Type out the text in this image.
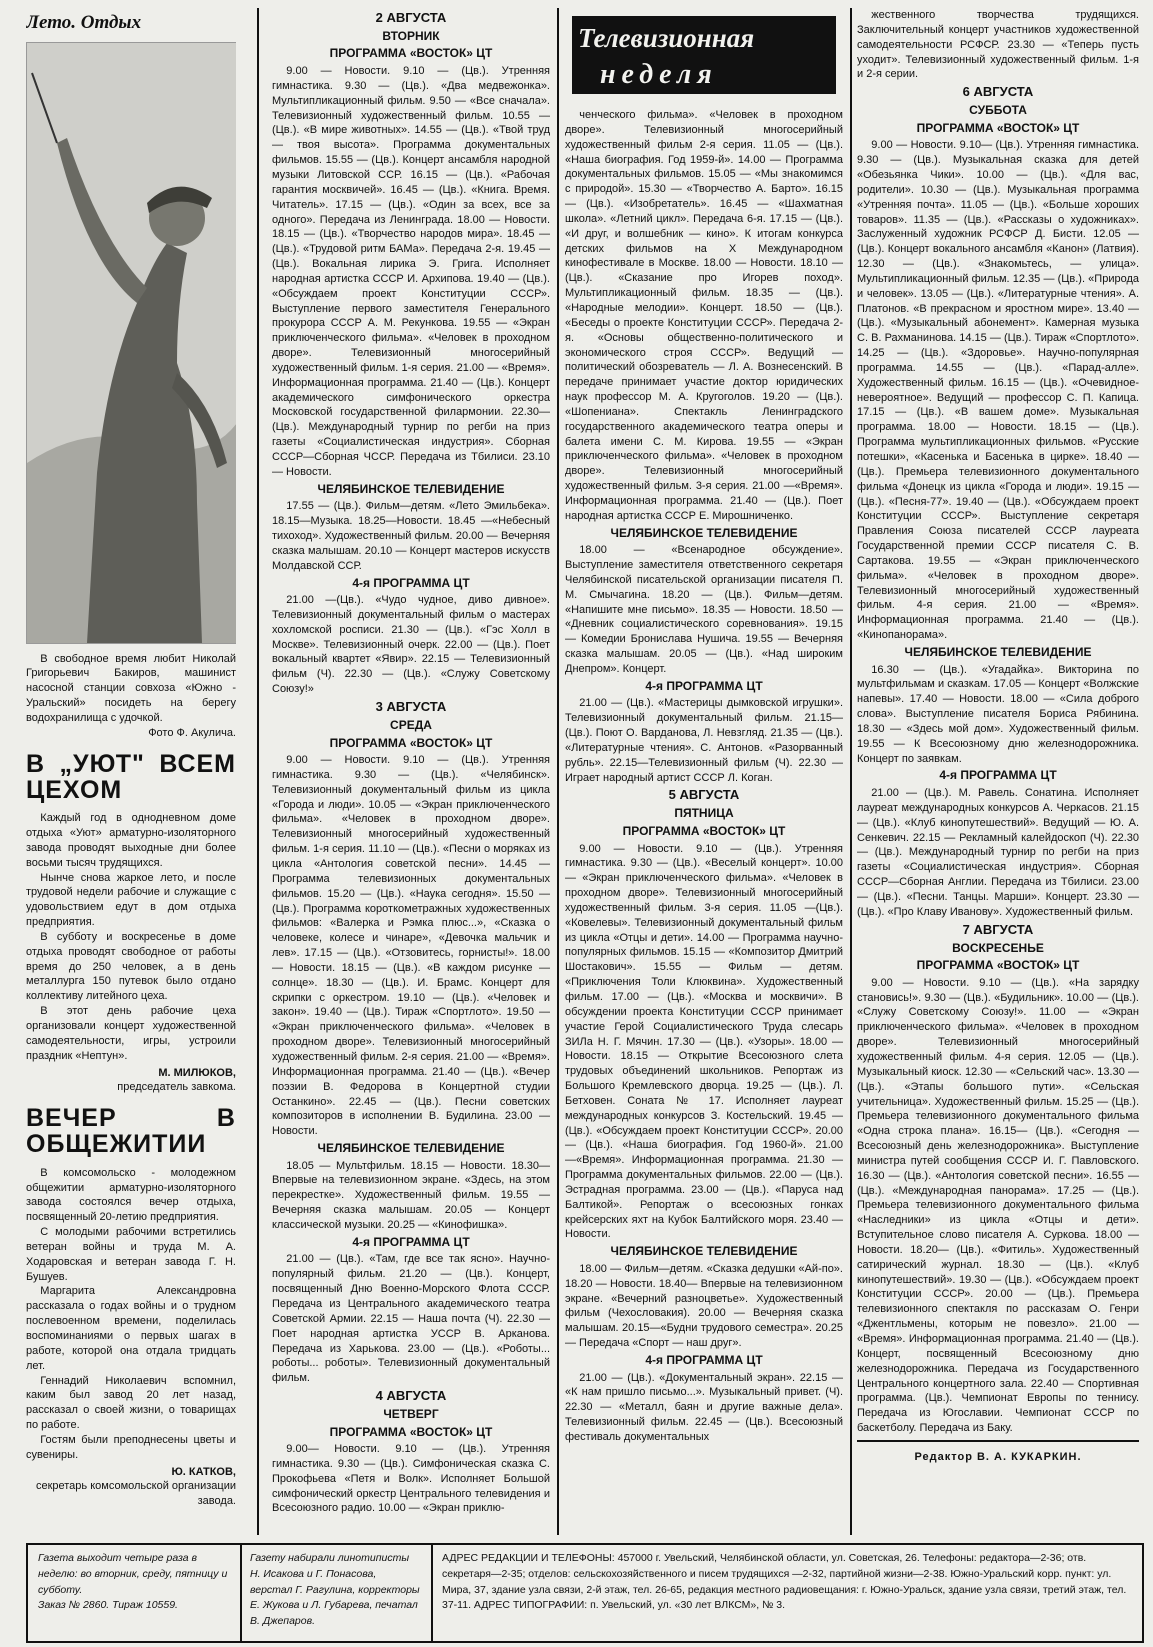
Лето. Отдых

В свободное время любит Николай Григорьевич Бакиров, машинист насосной станции совхоза «Южно - Уральский» посидеть на берегу водохранилища с удочкой.

Фото Ф. Акулича.
В „УЮТ" ВСЕМ ЦЕХОМ

Каждый год в однодневном доме отдыха «Уют» арматурно-изоляторного завода проводят выходные дни более восьми тысяч трудящихся.

Нынче снова жаркое лето, и после трудовой недели рабочие и служащие с удовольствием едут в дом отдыха предприятия.

В субботу и воскресенье в доме отдыха проводят свободное от работы время до 250 человек, а в день металлурга 150 путевок было отдано коллективу литейного цеха.

В этот день рабочие цеха организовали концерт художественной самодеятельности, игры, устроили праздник «Нептун».

М. МИЛЮКОВ,
председатель завкома.
ВЕЧЕР В ОБЩЕЖИТИИ

В комсомольско - молодежном общежитии арматурно-изоляторного завода состоялся вечер отдыха, посвященный 20-летию предприятия.

С молодыми рабочими встретились ветеран войны и труда М. А. Ходаровская и ветеран завода Г. Н. Бушуев.

Маргарита Александровна рассказала о годах войны и о трудном послевоенном времени, поделилась воспоминаниями о первых шагах в работе, которой она отдала тридцать лет.

Геннадий Николаевич вспомнил, каким был завод 20 лет назад, рассказал о своей жизни, о товарищах по работе.

Гостям были преподнесены цветы и сувениры.

Ю. КАТКОВ,
секретарь комсомольской организации завода.
2 АВГУСТА
ВТОРНИК
ПРОГРАММА «ВОСТОК» ЦТ

9.00 — Новости. 9.10 — (Цв.). Утренняя гимнастика. 9.30 — (Цв.). «Два медвежонка». Мультипликационный фильм. 9.50 — «Все сначала». Телевизионный художественный фильм. 10.55 — (Цв.). «В мире животных». 14.55 — (Цв.). «Твой труд — твоя высота». Программа документальных фильмов. 15.55 — (Цв.). Концерт ансамбля народной музыки Литовской ССР. 16.15 — (Цв.). «Рабочая гарантия москвичей». 16.45 — (Цв.). «Книга. Время. Читатель». 17.15 — (Цв.). «Один за всех, все за одного». Передача из Ленинграда. 18.00 — Новости. 18.15 — (Цв.). «Творчество народов мира». 18.45 — (Цв.). «Трудовой ритм БАМа». Передача 2-я. 19.45 — (Цв.). Вокальная лирика Э. Грига. Исполняет народная артистка СССР И. Архипова. 19.40 — (Цв.). «Обсуждаем проект Конституции СССР». Выступление первого заместителя Генерального прокурора СССР А. М. Рекункова. 19.55 — «Экран приключенческого фильма». «Человек в проходном дворе». Телевизионный многосерийный художественный фильм. 1-я серия. 21.00 — «Время». Информационная программа. 21.40 — (Цв.). Концерт академического симфонического оркестра Московской государственной филармонии. 22.30—(Цв.). Международный турнир по регби на приз газеты «Социалистическая индустрия». Сборная СССР—Сборная ЧССР. Передача из Тбилиси. 23.10 — Новости.

ЧЕЛЯБИНСКОЕ ТЕЛЕВИДЕНИЕ

17.55 — (Цв.). Фильм—детям. «Лето Эмильбека». 18.15—Музыка. 18.25—Новости. 18.45 —«Небесный тихоход». Художественный фильм. 20.00 — Вечерняя сказка малышам. 20.10 — Концерт мастеров искусств Молдавской ССР.

4-я ПРОГРАММА ЦТ

21.00 —(Цв.). «Чудо чудное, диво дивное». Телевизионный документальный фильм о мастерах хохломской росписи. 21.30 — (Цв.). «Гэс Холл в Москве». Телевизионный очерк. 22.00 — (Цв.). Поет вокальный квартет «Явир». 22.15 — Телевизионный фильм (Ч). 22.30 — (Цв.). «Служу Советскому Союзу!»

3 АВГУСТА
СРЕДА
ПРОГРАММА «ВОСТОК» ЦТ

9.00 — Новости. 9.10 — (Цв.). Утренняя гимнастика. 9.30 — (Цв.). «Челябинск». Телевизионный документальный фильм из цикла «Города и люди». 10.05 — «Экран приключенческого фильма». «Человек в проходном дворе». Телевизионный многосерийный художественный фильм. 1-я серия. 11.10 — (Цв.). «Песни о моряках из цикла «Антология советской песни». 14.45 — Программа телевизионных документальных фильмов. 15.20 — (Цв.). «Наука сегодня». 15.50 — (Цв.). Программа короткометражных художественных фильмов: «Валерка и Рэмка плюс...», «Сказка о человеке, колесе и чинаре», «Девочка мальчик и лев». 17.15 — (Цв.). «Отзовитесь, горнисты!». 18.00 — Новости. 18.15 — (Цв.). «В каждом рисунке — солнце». 18.30 — (Цв.). И. Брамс. Концерт для скрипки с оркестром. 19.10 — (Цв.). «Человек и закон». 19.40 — (Цв.). Тираж «Спортлото». 19.50 — «Экран приключенческого фильма». «Человек в проходном дворе». Телевизионный многосерийный художественный фильм. 2-я серия. 21.00 — «Время». Информационная программа. 21.40 — (Цв.). «Вечер поэзии В. Федорова в Концертной студии Останкино». 22.45 — (Цв.). Песни советских композиторов в исполнении В. Будилина. 23.00 — Новости.

ЧЕЛЯБИНСКОЕ ТЕЛЕВИДЕНИЕ

18.05 — Мультфильм. 18.15 — Новости. 18.30— Впервые на телевизионном экране. «Здесь, на этом перекрестке». Художественный фильм. 19.55 — Вечерняя сказка малышам. 20.05 — Концерт классической музыки. 20.25 — «Кинофишка».

4-я ПРОГРАММА ЦТ

21.00 — (Цв.). «Там, где все так ясно». Научно-популярный фильм. 21.20 — (Цв.). Концерт, посвященный Дню Военно-Морского Флота СССР. Передача из Центрального академического театра Советской Армии. 22.15 — Наша почта (Ч). 22.30 — Поет народная артистка УССР В. Арканова. Передача из Харькова. 23.00 — (Цв.). «Роботы... роботы... роботы». Телевизионный документальный фильм.

4 АВГУСТА
ЧЕТВЕРГ
ПРОГРАММА «ВОСТОК» ЦТ

9.00— Новости. 9.10 — (Цв.). Утренняя гимнастика. 9.30 — (Цв.). Симфоническая сказка С. Прокофьева «Петя и Волк». Исполняет Большой симфонический оркестр Центрального телевидения и Всесоюзного радио. 10.00 — «Экран приклю-

Телевизионная
неделя

ченческого фильма». «Человек в проходном дворе». Телевизионный многосерийный художественный фильм 2-я серия. 11.05 — (Цв.). «Наша биография. Год 1959-й». 14.00 — Программа документальных фильмов. 15.05 — «Мы знакомимся с природой». 15.30 — «Творчество А. Барто». 16.15 — (Цв.). «Изобретатель». 16.45 — «Шахматная школа». «Летний цикл». Передача 6-я. 17.15 — (Цв.). «И друг, и волшебник — кино». К итогам конкурса детских фильмов на X Международном кинофестивале в Москве. 18.00 — Новости. 18.10 — (Цв.). «Сказание про Игорев поход». Мультипликационный фильм. 18.35 — (Цв.). «Народные мелодии». Концерт. 18.50 — (Цв.). «Беседы о проекте Конституции СССР». Передача 2-я. «Основы общественно-политического и экономического строя СССР». Ведущий — политический обозреватель — Л. А. Вознесенский. В передаче принимает участие доктор юридических наук профессор М. А. Кругоголов. 19.20 — (Цв.). «Шопениана». Спектакль Ленинградского государственного академического театра оперы и балета имени С. М. Кирова. 19.55 — «Экран приключенческого фильма». «Человек в проходном дворе». Телевизионный многосерийный художественный фильм. 3-я серия. 21.00 —«Время». Информационная программа. 21.40 — (Цв.). Поет народная артистка СССР Е. Мирошниченко.

ЧЕЛЯБИНСКОЕ ТЕЛЕВИДЕНИЕ

18.00 — «Всенародное обсуждение». Выступление заместителя ответственного секретаря Челябинской писательской организации писателя П. М. Смычагина. 18.20 — (Цв.). Фильм—детям. «Напишите мне письмо». 18.35 — Новости. 18.50 — «Дневник социалистического соревнования». 19.15 — Комедии Бронислава Нушича. 19.55 — Вечерняя сказка малышам. 20.05 — (Цв.). «Над широким Днепром». Концерт.

4-я ПРОГРАММА ЦТ

21.00 — (Цв.). «Мастерицы дымковской игрушки». Телевизионный документальный фильм. 21.15—(Цв.). Поют О. Варданова, Л. Невзгляд. 21.35 — (Цв.). «Литературные чтения». С. Антонов. «Разорванный рубль». 22.15—Телевизионный фильм (Ч). 22.30 — Играет народный артист СССР Л. Коган.

5 АВГУСТА
ПЯТНИЦА
ПРОГРАММА «ВОСТОК» ЦТ

9.00 — Новости. 9.10 — (Цв.). Утренняя гимнастика. 9.30 — (Цв.). «Веселый концерт». 10.00 — «Экран приключенческого фильма». «Человек в проходном дворе». Телевизионный многосерийный художественный фильм. 3-я серия. 11.05 —(Цв.). «Ковелевы». Телевизионный документальный фильм из цикла «Отцы и дети». 14.00 — Программа научно-популярных фильмов. 15.15 — «Композитор Дмитрий Шостакович». 15.55 — Фильм — детям. «Приключения Толи Клюквина». Художественный фильм. 17.00 — (Цв.). «Москва и москвичи». В обсуждении проекта Конституции СССР принимает участие Герой Социалистического Труда слесарь ЗИЛа Н. Г. Мячин. 17.30 — (Цв.). «Узоры». 18.00 — Новости. 18.15 — Открытие Всесоюзного слета трудовых объединений школьников. Репортаж из Большого Кремлевского дворца. 19.25 — (Цв.). Л. Бетховен. Соната № 17. Исполняет лауреат международных конкурсов З. Костельский. 19.45 — (Цв.). «Обсуждаем проект Конституции СССР». 20.00 — (Цв.). «Наша биография. Год 1960-й». 21.00—«Время». Информационная программа. 21.30 — Программа документальных фильмов. 22.00 — (Цв.). Эстрадная программа. 23.00 — (Цв.). «Паруса над Балтикой». Репортаж о всесоюзных гонках крейсерских яхт на Кубок Балтийского моря. 23.40 — Новости.

ЧЕЛЯБИНСКОЕ ТЕЛЕВИДЕНИЕ

18.00 — Фильм—детям. «Сказка дедушки «Ай-по». 18.20 — Новости. 18.40— Впервые на телевизионном экране. «Вечерний разноцветье». Художественный фильм (Чехословакия). 20.00 — Вечерняя сказка малышам. 20.15—«Будни трудового семестра». 20.25 — Передача «Спорт — наш друг».

4-я ПРОГРАММА ЦТ

21.00 — (Цв.). «Документальный экран». 22.15 — «К нам пришло письмо...». Музыкальный привет. (Ч). 22.30 — «Металл, баян и другие важные дела». Телевизионный фильм. 22.45 — (Цв.). Всесоюзный фестиваль документальных

жественного творчества трудящихся. Заключительный концерт участников художественной самодеятельности РСФСР. 23.30 — «Теперь пусть уходит». Телевизионный художественный фильм. 1-я и 2-я серии.

6 АВГУСТА
СУББОТА
ПРОГРАММА «ВОСТОК» ЦТ

9.00 — Новости. 9.10— (Цв.). Утренняя гимнастика. 9.30 — (Цв.). Музыкальная сказка для детей «Обезьянка Чики». 10.00 — (Цв.). «Для вас, родители». 10.30 — (Цв.). Музыкальная программа «Утренняя почта». 11.05 — (Цв.). «Больше хороших товаров». 11.35 — (Цв.). «Рассказы о художниках». Заслуженный художник РСФСР Д. Бисти. 12.05 — (Цв.). Концерт вокального ансамбля «Канон» (Латвия). 12.30 — (Цв.). «Знакомьтесь, — улица». Мультипликационный фильм. 12.35 — (Цв.). «Природа и человек». 13.05 — (Цв.). «Литературные чтения». А. Платонов. «В прекрасном и яростном мире». 13.40 — (Цв.). «Музыкальный абонемент». Камерная музыка С. В. Рахманинова. 14.15 — (Цв.). Тираж «Спортлото». 14.25 — (Цв.). «Здоровье». Научно-популярная программа. 14.55 — (Цв.). «Парад-алле». Художественный фильм. 16.15 — (Цв.). «Очевидное-невероятное». Ведущий — профессор С. П. Капица. 17.15 — (Цв.). «В вашем доме». Музыкальная программа. 18.00 — Новости. 18.15 — (Цв.). Программа мультипликационных фильмов. «Русские потешки», «Касенька и Басенька в цирке». 18.40 — (Цв.). Премьера телевизионного документального фильма «Донецк из цикла «Города и люди». 19.15 — (Цв.). «Песня-77». 19.40 — (Цв.). «Обсуждаем проект Конституции СССР». Выступление секретаря Правления Союза писателей СССР лауреата Государственной премии СССР писателя С. В. Сартакова. 19.55 — «Экран приключенческого фильма». «Человек в проходном дворе». Телевизионный многосерийный художественный фильм. 4-я серия. 21.00 — «Время». Информационная программа. 21.40 — (Цв.). «Кинопанорама».

ЧЕЛЯБИНСКОЕ ТЕЛЕВИДЕНИЕ

16.30 — (Цв.). «Угадайка». Викторина по мультфильмам и сказкам. 17.05 — Концерт «Волжские напевы». 17.40 — Новости. 18.00 — «Сила доброго слова». Выступление писателя Бориса Рябинина. 18.30 — «Здесь мой дом». Художественный фильм. 19.55 — К Всесоюзному дню железнодорожника. Концерт по заявкам.

4-я ПРОГРАММА ЦТ

21.00 — (Цв.). М. Равель. Сонатина. Исполняет лауреат международных конкурсов А. Черкасов. 21.15 — (Цв.). «Клуб кинопутешествий». Ведущий — Ю. А. Сенкевич. 22.15 — Рекламный калейдоскоп (Ч). 22.30 — (Цв.). Международный турнир по регби на приз газеты «Социалистическая индустрия». Сборная СССР—Сборная Англии. Передача из Тбилиси. 23.00 — (Цв.). «Песни. Танцы. Марши». Концерт. 23.30 — (Цв.). «Про Клаву Иванову». Художественный фильм.

7 АВГУСТА
ВОСКРЕСЕНЬЕ
ПРОГРАММА «ВОСТОК» ЦТ

9.00 — Новости. 9.10 — (Цв.). «На зарядку становись!». 9.30 — (Цв.). «Будильник». 10.00 — (Цв.). «Служу Советскому Союзу!». 11.00 — «Экран приключенческого фильма». «Человек в проходном дворе». Телевизионный многосерийный художественный фильм. 4-я серия. 12.05 — (Цв.). Музыкальный киоск. 12.30 — «Сельский час». 13.30 — (Цв.). «Этапы большого пути». «Сельская учительница». Художественный фильм. 15.25 — (Цв.). Премьера телевизионного документального фильма «Одна строка плана». 16.15— (Цв.). «Сегодня —Всесоюзный день железнодорожника». Выступление министра путей сообщения СССР И. Г. Павловского. 16.30 — (Цв.). «Антология советской песни». 16.55 — (Цв.). «Международная панорама». 17.25 — (Цв.). Премьера телевизионного документального фильма «Наследники» из цикла «Отцы и дети». Вступительное слово писателя А. Суркова. 18.00 — Новости. 18.20— (Цв.). «Фитиль». Художественный сатирический журнал. 18.30 — (Цв.). «Клуб кинопутешествий». 19.30 — (Цв.). «Обсуждаем проект Конституции СССР». 20.00 — (Цв.). Премьера телевизионного спектакля по рассказам О. Генри «Джентльмены, которым не повезло». 21.00 — «Время». Информационная программа. 21.40 — (Цв.). Концерт, посвященный Всесоюзному дню железнодорожника. Передача из Государственного Центрального концертного зала. 22.40 — Спортивная программа. (Цв.). Чемпионат Европы по теннису. Передача из Югославии. Чемпионат СССР по баскетболу. Передача из Баку.

Редактор В. А. КУКАРКИН.
Газета выходит четыре раза в неделю: во вторник, среду, пятницу и субботу.
Заказ № 2860. Тираж 10559.
Газету набирали линотиписты Н. Исакова и Г. Понасова, верстал Г. Рагулина, корректоры Е. Жукова и Л. Губарева, печатал В. Джепаров.
АДРЕС РЕДАКЦИИ И ТЕЛЕФОНЫ: 457000 г. Увельский, Челябинской области, ул. Советская, 26. Телефоны: редактора—2-36; отв. секретаря—2-35; отделов: сельскохозяйственного и писем трудящихся —2-32, партийной жизни—2-38. Южно-Уральский корр. пункт: ул. Мира, 37, здание узла связи, 2-й этаж, тел. 26-65, редакция местного радиовещания: г. Южно-Уральск, здание узла связи, третий этаж, тел. 37-11. АДРЕС ТИПОГРАФИИ: п. Увельский, ул. «30 лет ВЛКСМ», № 3.
